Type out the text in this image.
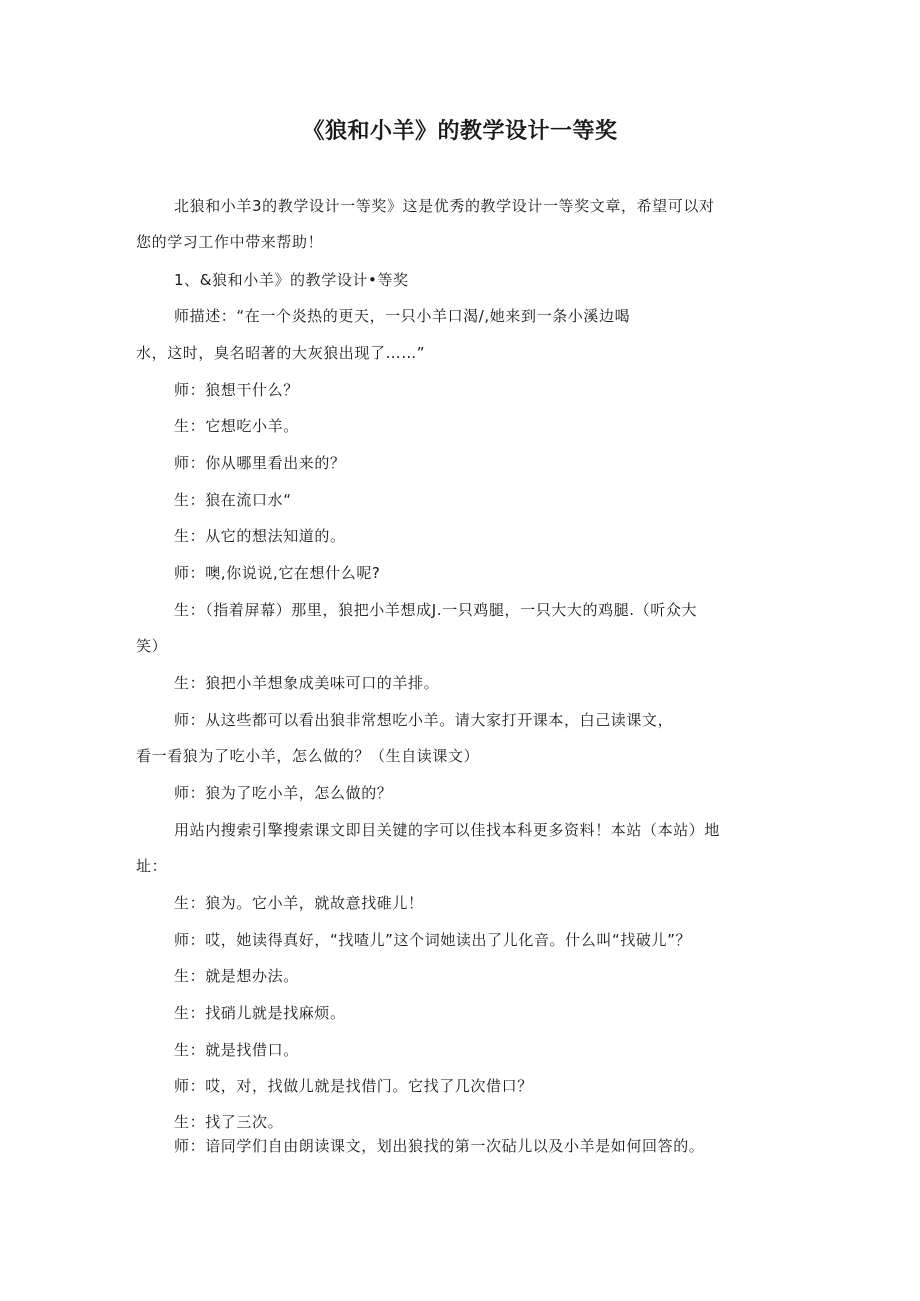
《狼和小羊》的教学设计一等奖
北狼和小羊3的教学设计一等奖》这是优秀的教学设计一等奖文章，希望可以对
您的学习工作中带来帮助！
1、&狼和小羊》的教学设计•等奖
师描述：“在一个炎热的更天，一只小羊口渴/,她来到一条小溪边喝
水，这时，臭名昭著的大灰狼出现了……”
师：狼想干什么？
生：它想吃小羊。
师：你从哪里看出来的？
生：狼在流口水“
生：从它的想法知道的。
师：噢,你说说,它在想什么呢?
生：（指着屏幕）那里，狼把小羊想成J.一只鸡腿，一只大大的鸡腿.（听众大
笑）
生：狼把小羊想象成美味可口的羊排。
师：从这些都可以看出狼非常想吃小羊。请大家打开课本，白己读课文，
看一看狼为了吃小羊，怎么做的？（生自读课文）
师：狼为了吃小羊，怎么做的？
用站内搜索引擎搜索课文即目关键的字可以佳找本科更多资料！本站（本站）地
址：
生：狼为。它小羊，就故意找碓儿！
师：哎，她读得真好，“找喳儿”这个词她读出了儿化音。什么叫“找破儿”？
生：就是想办法。
生：找硝儿就是找麻烦。
生：就是找借口。
师：哎，对，找做儿就是找借门。它找了几次借口？
生：找了三次。
师：谙同学们自由朗读课文，划出狼找的第一次砧儿以及小羊是如何回答的。
